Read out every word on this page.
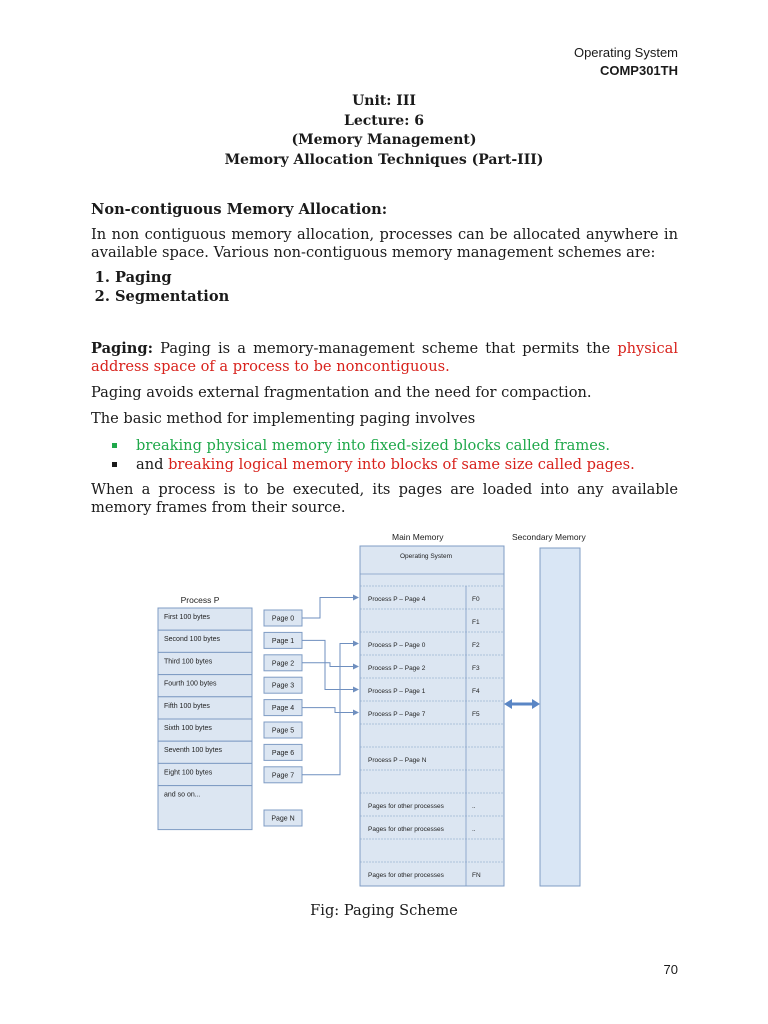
Operating System
COMP301TH
Unit: III
Lecture: 6
(Memory Management)
Memory Allocation Techniques (Part-III)
Non-contiguous Memory Allocation:
In non contiguous memory allocation, processes can be allocated anywhere in available space. Various non-contiguous memory management schemes are:
1. Paging
2. Segmentation
Paging: Paging is a memory-management scheme that permits the physical address space of a process to be noncontiguous.
Paging avoids external fragmentation and the need for compaction.
The basic method for implementing paging involves
breaking physical memory into fixed-sized blocks called frames.
and breaking logical memory into blocks of same size called pages.
When a process is to be executed, its pages are loaded into any available memory frames from their source.
Process P
First 100 bytes
Second 100 bytes
Third 100 bytes
Fourth 100 bytes
Fifth 100 bytes
Sixth 100 bytes
Seventh 100 bytes
Eight 100 bytes
and so on...
Page 0
Page 1
Page 2
Page 3
Page 4
Page 5
Page 6
Page 7
Page N
Main Memory
Operating System
Process P – Page 4	F0
F1
Process P – Page 0	F2
Process P – Page 2	F3
Process P – Page 1	F4
Process P – Page 7	F5
Process P – Page N
Pages for other processes	..
Pages for other processes	..
Pages for other processes	FN
Secondary Memory
Fig: Paging Scheme
70
